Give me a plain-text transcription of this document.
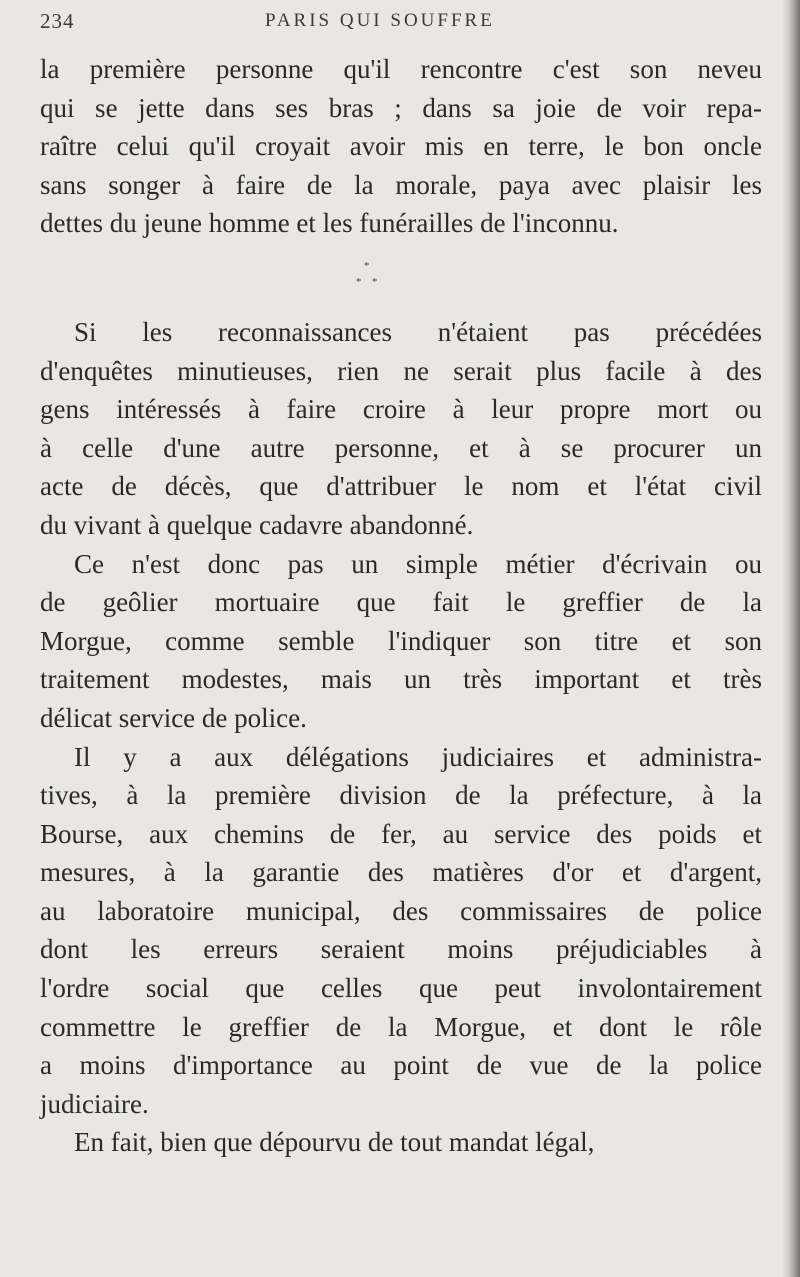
234	PARIS QUI SOUFFRE
la première personne qu'il rencontre c'est son neveu
qui se jette dans ses bras ; dans sa joie de voir repa-
raître celui qu'il croyait avoir mis en terre, le bon oncle
sans songer à faire de la morale, paya avec plaisir les
dettes du jeune homme et les funérailles de l'inconnu.
*
* *
Si les reconnaissances n'étaient pas précédées
d'enquêtes minutieuses, rien ne serait plus facile à des
gens intéressés à faire croire à leur propre mort ou
à celle d'une autre personne, et à se procurer un
acte de décès, que d'attribuer le nom et l'état civil
du vivant à quelque cadavre abandonné.
Ce n'est donc pas un simple métier d'écrivain ou
de geôlier mortuaire que fait le greffier de la
Morgue, comme semble l'indiquer son titre et son
traitement modestes, mais un très important et très
délicat service de police.
Il y a aux délégations judiciaires et administra-
tives, à la première division de la préfecture, à la
Bourse, aux chemins de fer, au service des poids et
mesures, à la garantie des matières d'or et d'argent,
au laboratoire municipal, des commissaires de police
dont les erreurs seraient moins préjudiciables à
l'ordre social que celles que peut involontairement
commettre le greffier de la Morgue, et dont le rôle
a moins d'importance au point de vue de la police
judiciaire.
En fait, bien que dépourvu de tout mandat légal,
